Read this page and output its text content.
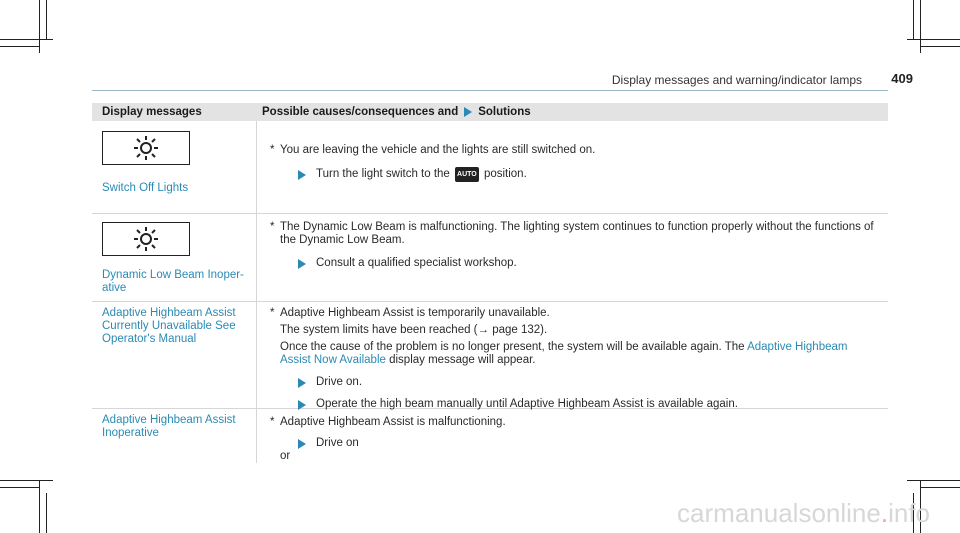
Display messages and warning/indicator lamps 409
Display messages	Possible causes/consequences and Solutions
Switch Off Lights
* You are leaving the vehicle and the lights are still switched on.
Turn the light switch to the
AUTO
position.
Dynamic Low Beam Inoper-
ative
* The Dynamic Low Beam is malfunctioning. The lighting system continues to function properly without the functions of
the Dynamic Low Beam.
Consult a qualified specialist workshop.
Adaptive Highbeam Assist
Currently Unavailable See
Operator's Manual
* Adaptive Highbeam Assist is temporarily unavailable.
The system limits have been reached (→ page 132).
Once the cause of the problem is no longer present, the system will be available again. The Adaptive Highbeam
Assist Now Available display message will appear.
Drive on.
Operate the high beam manually until Adaptive Highbeam Assist is available again.
Adaptive Highbeam Assist
Inoperative
* Adaptive Highbeam Assist is malfunctioning.
Drive on
or
carmanualsonline.info
